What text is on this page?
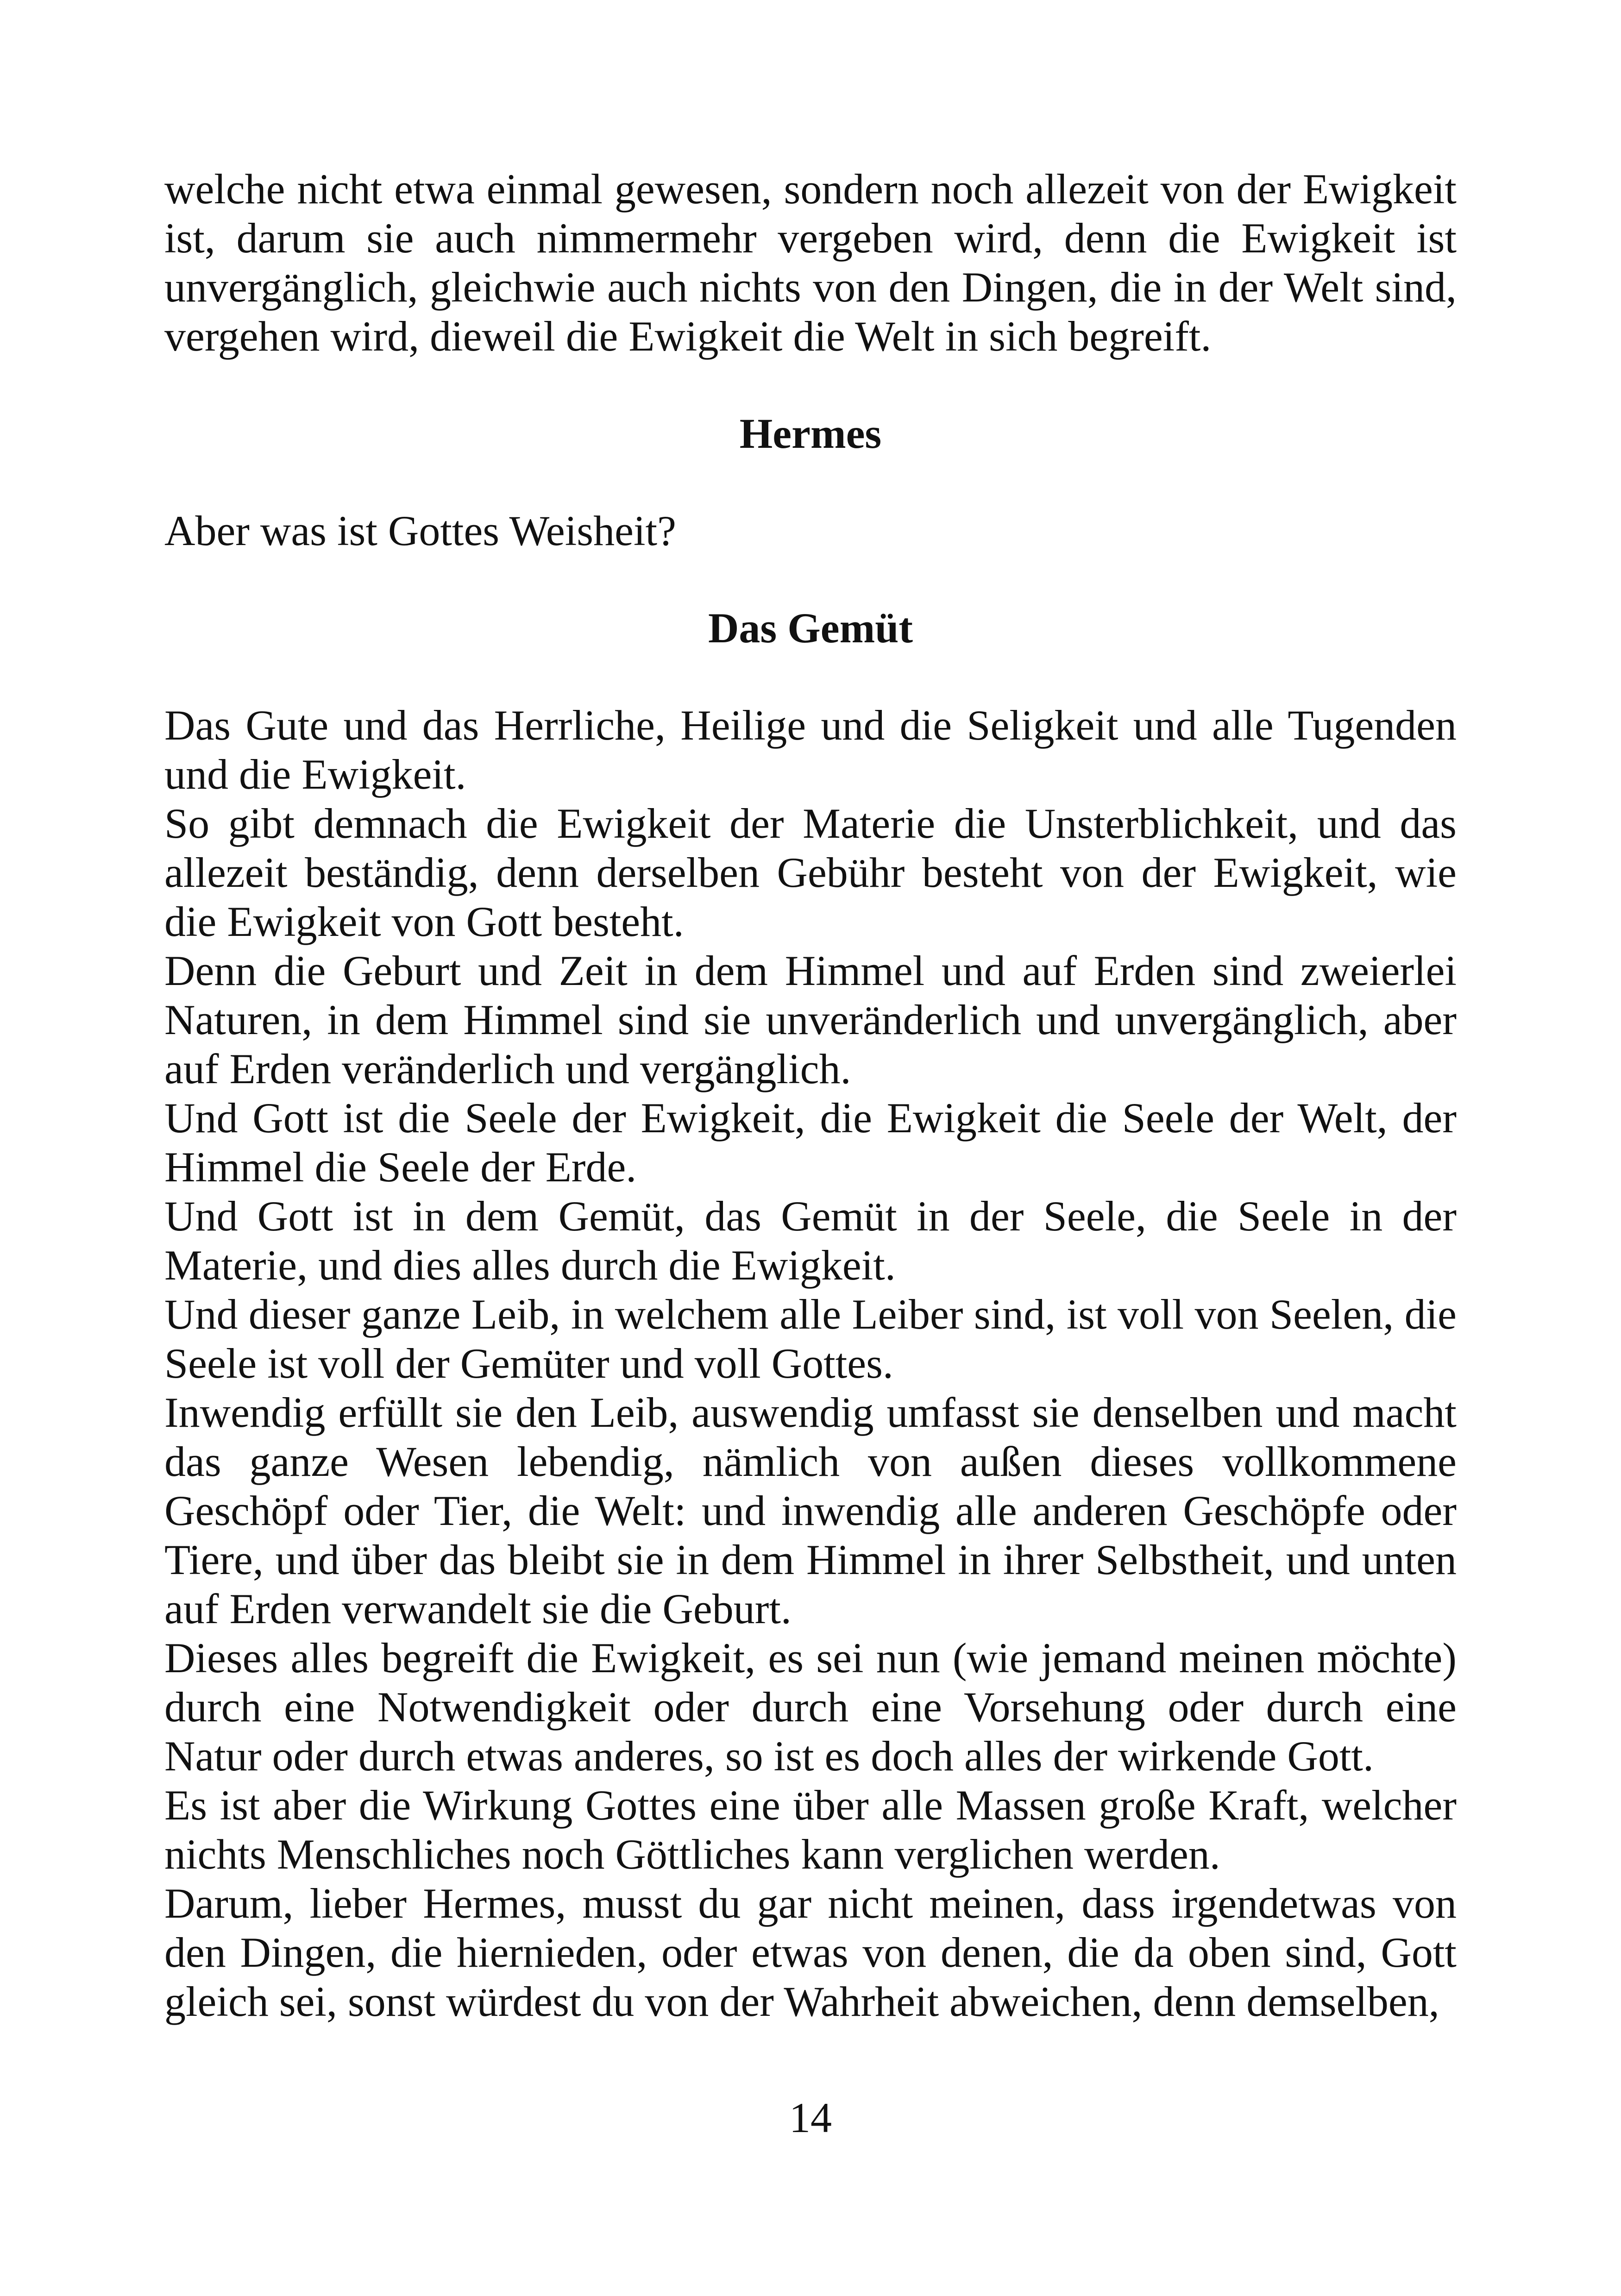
welche nicht etwa einmal gewesen, sondern noch allezeit von der Ewigkeit ist, darum sie auch nimmermehr vergeben wird, denn die Ewigkeit ist unvergänglich, gleichwie auch nichts von den Dingen, die in der Welt sind, vergehen wird, dieweil die Ewigkeit die Welt in sich begreift.

Hermes

Aber was ist Gottes Weisheit?

Das Gemüt

Das Gute und das Herrliche, Heilige und die Seligkeit und alle Tugenden und die Ewigkeit.

So gibt demnach die Ewigkeit der Materie die Unsterblichkeit, und das allezeit beständig, denn derselben Gebühr besteht von der Ewigkeit, wie die Ewigkeit von Gott besteht.

Denn die Geburt und Zeit in dem Himmel und auf Erden sind zweierlei Naturen, in dem Himmel sind sie unveränderlich und unvergänglich, aber auf Erden veränderlich und vergänglich.

Und Gott ist die Seele der Ewigkeit, die Ewigkeit die Seele der Welt, der Himmel die Seele der Erde.

Und Gott ist in dem Gemüt, das Gemüt in der Seele, die Seele in der Materie, und dies alles durch die Ewigkeit.

Und dieser ganze Leib, in welchem alle Leiber sind, ist voll von Seelen, die Seele ist voll der Gemüter und voll Gottes.

Inwendig erfüllt sie den Leib, auswendig umfasst sie denselben und macht das ganze Wesen lebendig, nämlich von außen dieses vollkommene Geschöpf oder Tier, die Welt: und inwendig alle anderen Geschöpfe oder Tiere, und über das bleibt sie in dem Himmel in ihrer Selbstheit, und unten auf Erden verwandelt sie die Geburt.

Dieses alles begreift die Ewigkeit, es sei nun (wie jemand meinen möchte) durch eine Notwendigkeit oder durch eine Vorsehung oder durch eine Natur oder durch etwas anderes, so ist es doch alles der wirkende Gott.

Es ist aber die Wirkung Gottes eine über alle Massen große Kraft, welcher nichts Menschliches noch Göttliches kann verglichen werden.

Darum, lieber Hermes, musst du gar nicht meinen, dass irgendetwas von den Dingen, die hiernieden, oder etwas von denen, die da oben sind, Gott gleich sei, sonst würdest du von der Wahrheit abweichen, denn demselben,

14
